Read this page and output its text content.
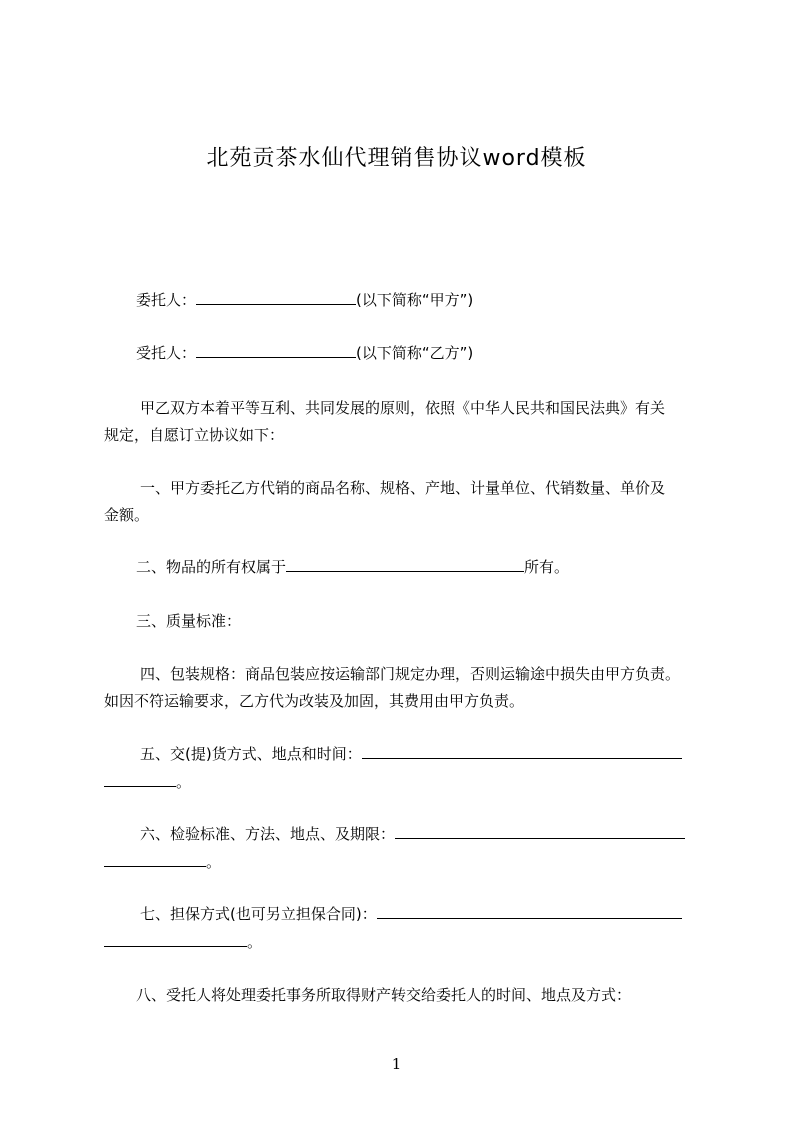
北苑贡茶水仙代理销售协议word模板
委托人：	(以下简称“甲方”)
受托人：	(以下简称“乙方”)
甲乙双方本着平等互利、共同发展的原则，依照《中华人民共和国民法典》有关
规定，自愿订立协议如下：
一、甲方委托乙方代销的商品名称、规格、产地、计量单位、代销数量、单价及
金额。
二、物品的所有权属于	所有。
三、质量标准：
四、包装规格：商品包装应按运输部门规定办理，否则运输途中损失由甲方负责。
如因不符运输要求，乙方代为改装及加固，其费用由甲方负责。
五、交(提)货方式、地点和时间：
。
六、检验标准、方法、地点、及期限：
。
七、担保方式(也可另立担保合同)：
。
八、受托人将处理委托事务所取得财产转交给委托人的时间、地点及方式：
1
